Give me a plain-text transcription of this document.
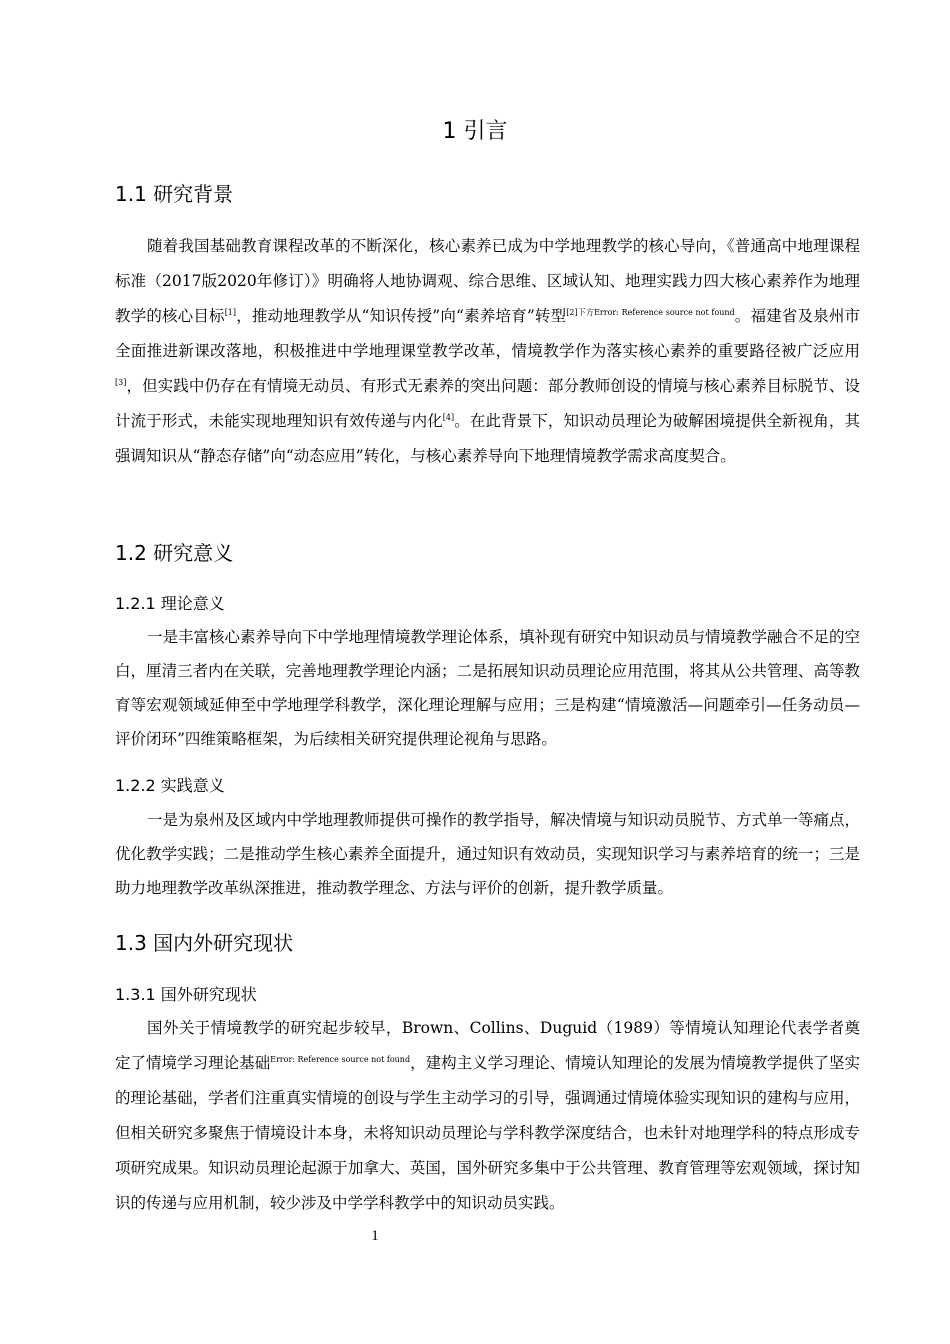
1 引言
1.1 研究背景

随着我国基础教育课程改革的不断深化，核心素养已成为中学地理教学的核心导向，《普通高中地理课程标准（2017版2020年修订）》明确将人地协调观、综合思维、区域认知、地理实践力四大核心素养作为地理教学的核心目标[1]，推动地理教学从“知识传授”向“素养培育”转型$^{[2]下方Error: Reference source not found}$。福建省及泉州市全面推进新课改落地，积极推进中学地理课堂教学改革，情境教学作为落实核心素养的重要路径被广泛应用[3]，但实践中仍存在有情境无动员、有形式无素养的突出问题：部分教师创设的情境与核心素养目标脱节、设计流于形式，未能实现地理知识有效传递与内化[4]。在此背景下，知识动员理论为破解困境提供全新视角，其强调知识从“静态存储”向“动态应用”转化，与核心素养导向下地理情境教学需求高度契合。

1.2 研究意义
1.2.1 理论意义

一是丰富核心素养导向下中学地理情境教学理论体系，填补现有研究中知识动员与情境教学融合不足的空白，厘清三者内在关联，完善地理教学理论内涵；二是拓展知识动员理论应用范围，将其从公共管理、高等教育等宏观领域延伸至中学地理学科教学，深化理论理解与应用；三是构建“情境激活—问题牵引—任务动员—评价闭环”四维策略框架，为后续相关研究提供理论视角与思路。

1.2.2 实践意义

一是为泉州及区域内中学地理教师提供可操作的教学指导，解决情境与知识动员脱节、方式单一等痛点，优化教学实践；二是推动学生核心素养全面提升，通过知识有效动员，实现知识学习与素养培育的统一；三是助力地理教学改革纵深推进，推动教学理念、方法与评价的创新，提升教学质量。

1.3 国内外研究现状
1.3.1 国外研究现状

国外关于情境教学的研究起步较早，Brown、Collins、Duguid（1989）等情境认知理论代表学者奠定了情境学习理论基础$^{Error: Reference source not found}$，建构主义学习理论、情境认知理论的发展为情境教学提供了坚实的理论基础，学者们注重真实情境的创设与学生主动学习的引导，强调通过情境体验实现知识的建构与应用，但相关研究多聚焦于情境设计本身，未将知识动员理论与学科教学深度结合，也未针对地理学科的特点形成专项研究成果。知识动员理论起源于加拿大、英国，国外研究多集中于公共管理、教育管理等宏观领域，探讨知识的传递与应用机制，较少涉及中学学科教学中的知识动员实践。

1
